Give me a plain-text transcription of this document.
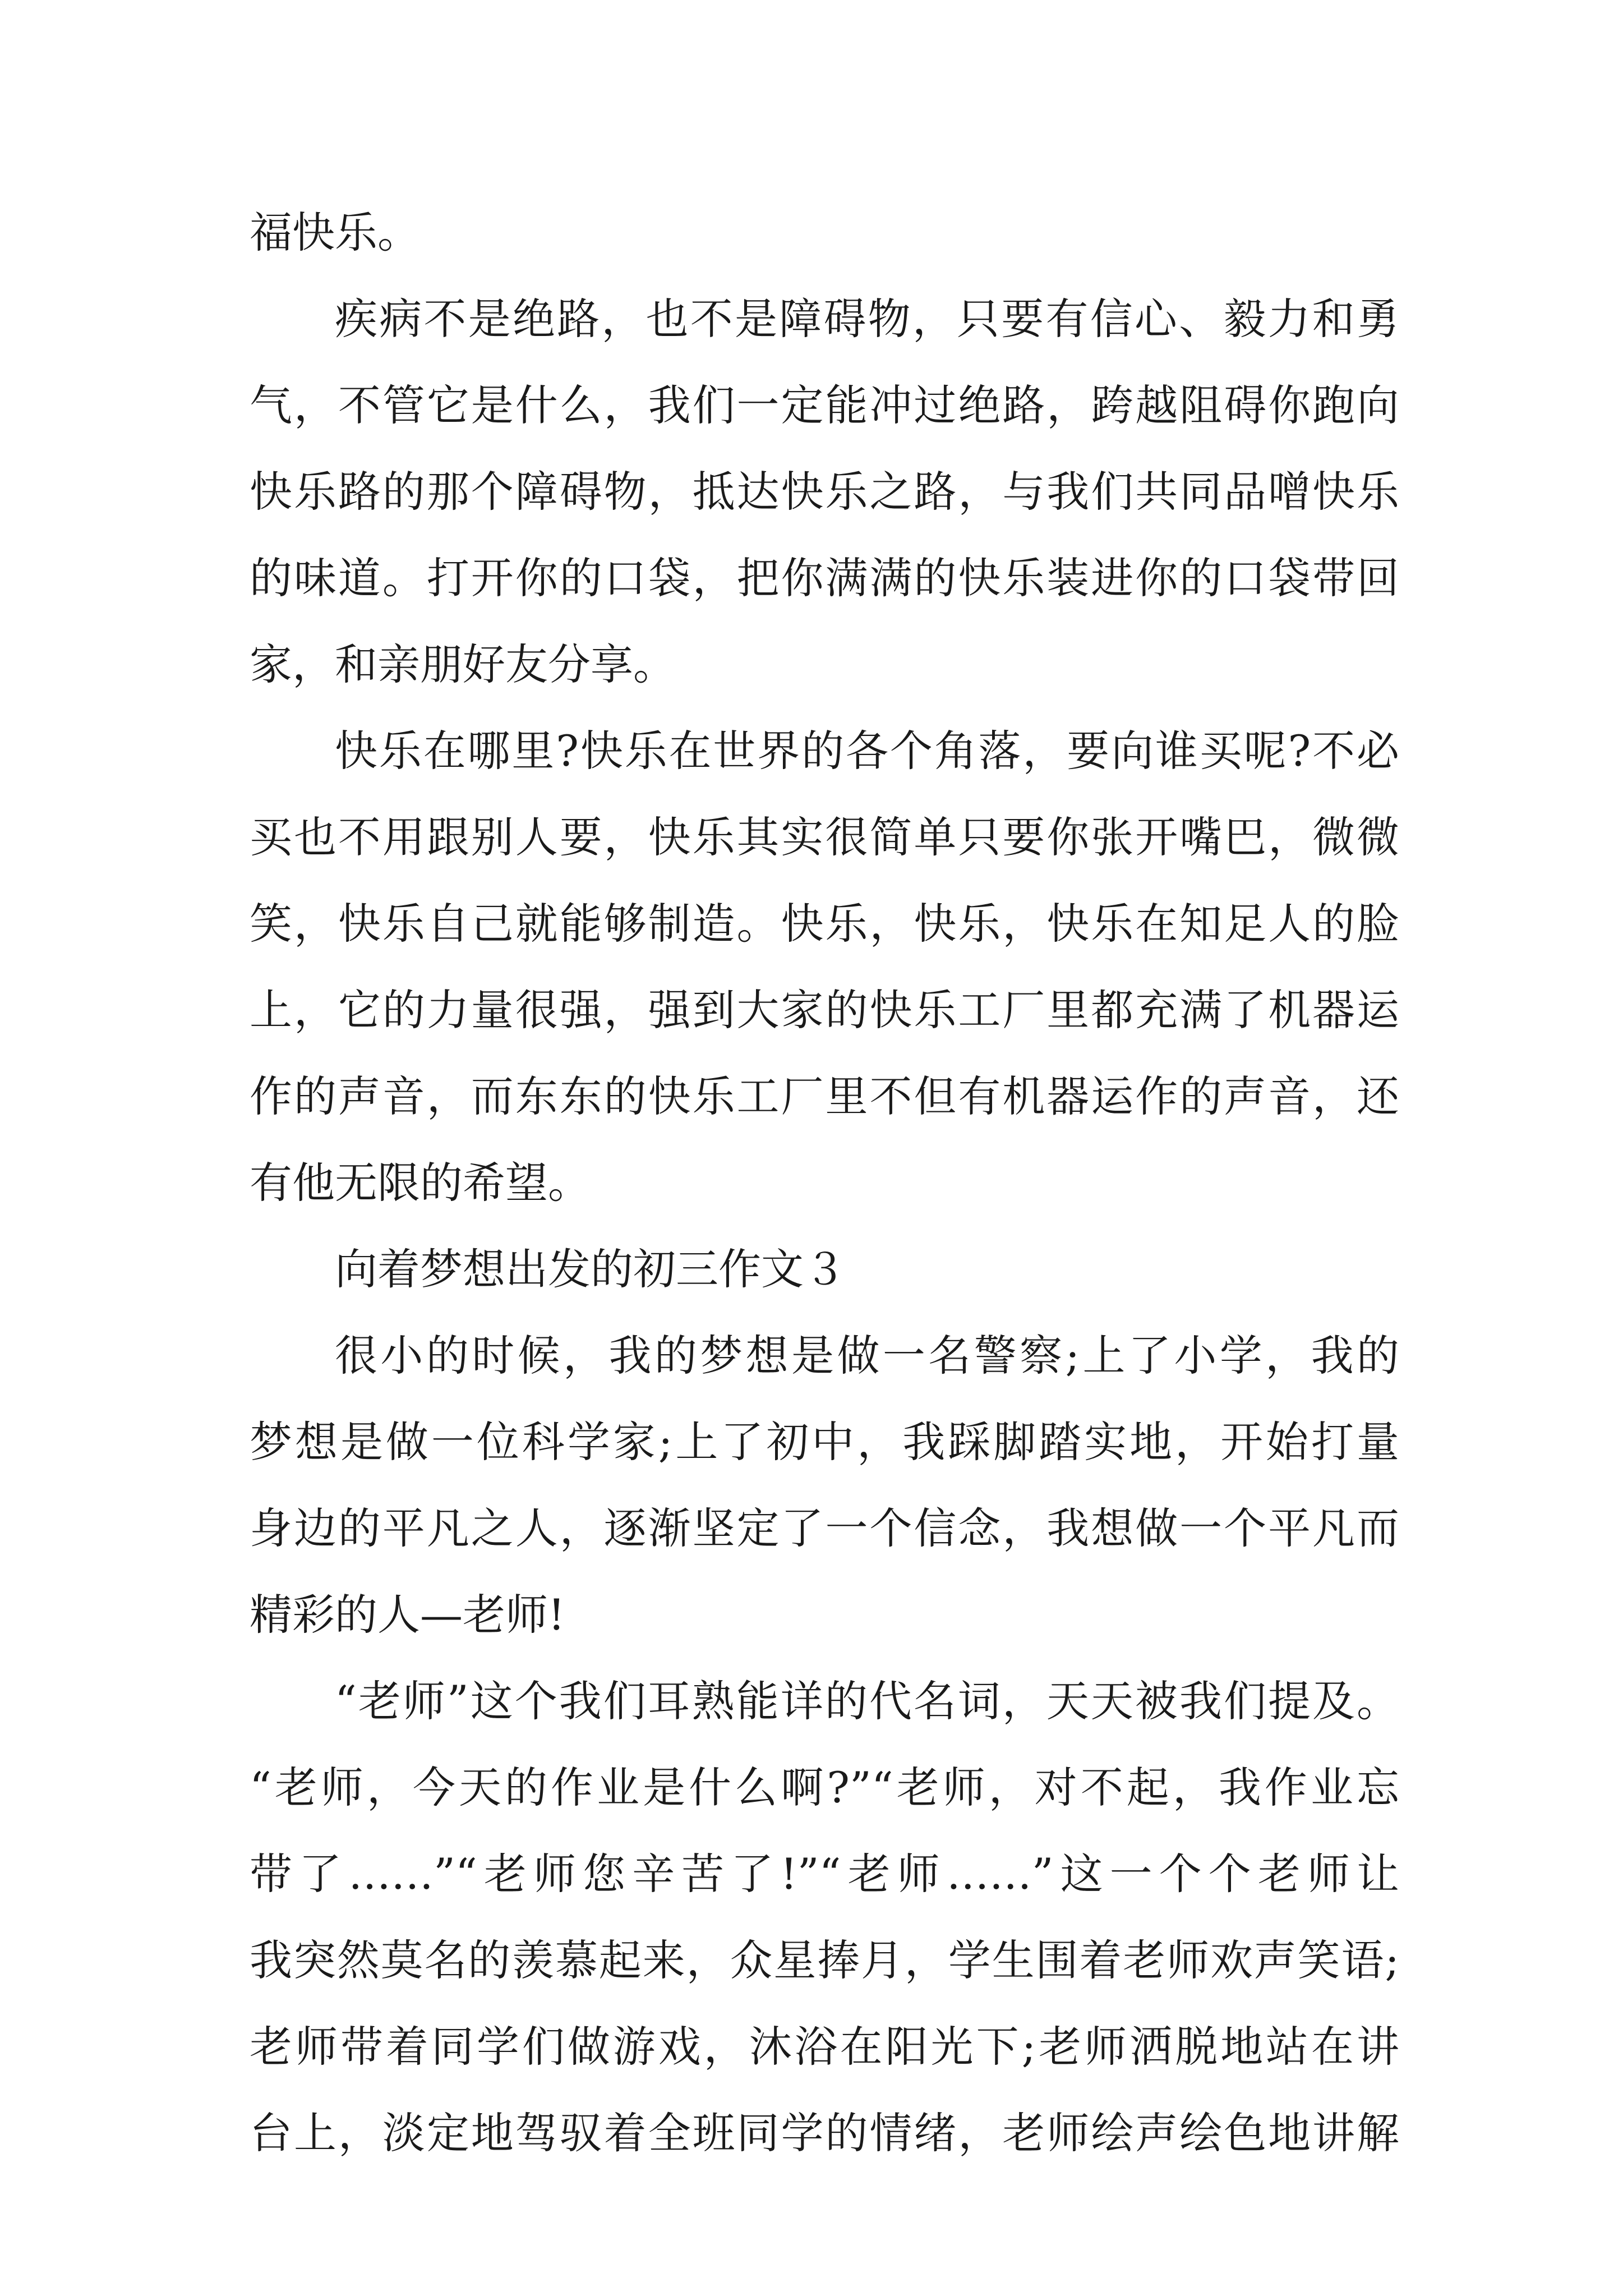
福快乐。
疾病不是绝路，也不是障碍物，只要有信心、毅力和勇
气，不管它是什么，我们一定能冲过绝路，跨越阻碍你跑向
快乐路的那个障碍物，抵达快乐之路，与我们共同品噌快乐
的味道。打开你的口袋，把你满满的快乐装进你的口袋带回
家，和亲朋好友分享。
快乐在哪里?快乐在世界的各个角落，要向谁买呢?不必
买也不用跟别人要，快乐其实很简单只要你张开嘴巴，微微
笑，快乐自己就能够制造。快乐，快乐，快乐在知足人的脸
上，它的力量很强，强到大家的快乐工厂里都充满了机器运
作的声音，而东东的快乐工厂里不但有机器运作的声音，还
有他无限的希望。
向着梦想出发的初三作文３
很小的时候，我的梦想是做一名警察;上了小学，我的
梦想是做一位科学家;上了初中，我踩脚踏实地，开始打量
身边的平凡之人，逐渐坚定了一个信念，我想做一个平凡而
精彩的人—老师!
“老师”这个我们耳熟能详的代名词，天天被我们提及。
“老师，今天的作业是什么啊?”“老师，对不起，我作业忘
带了……”“老师您辛苦了!”“老师……”这一个个老师让
我突然莫名的羡慕起来，众星捧月，学生围着老师欢声笑语;
老师带着同学们做游戏，沐浴在阳光下;老师洒脱地站在讲
台上，淡定地驾驭着全班同学的情绪，老师绘声绘色地讲解
